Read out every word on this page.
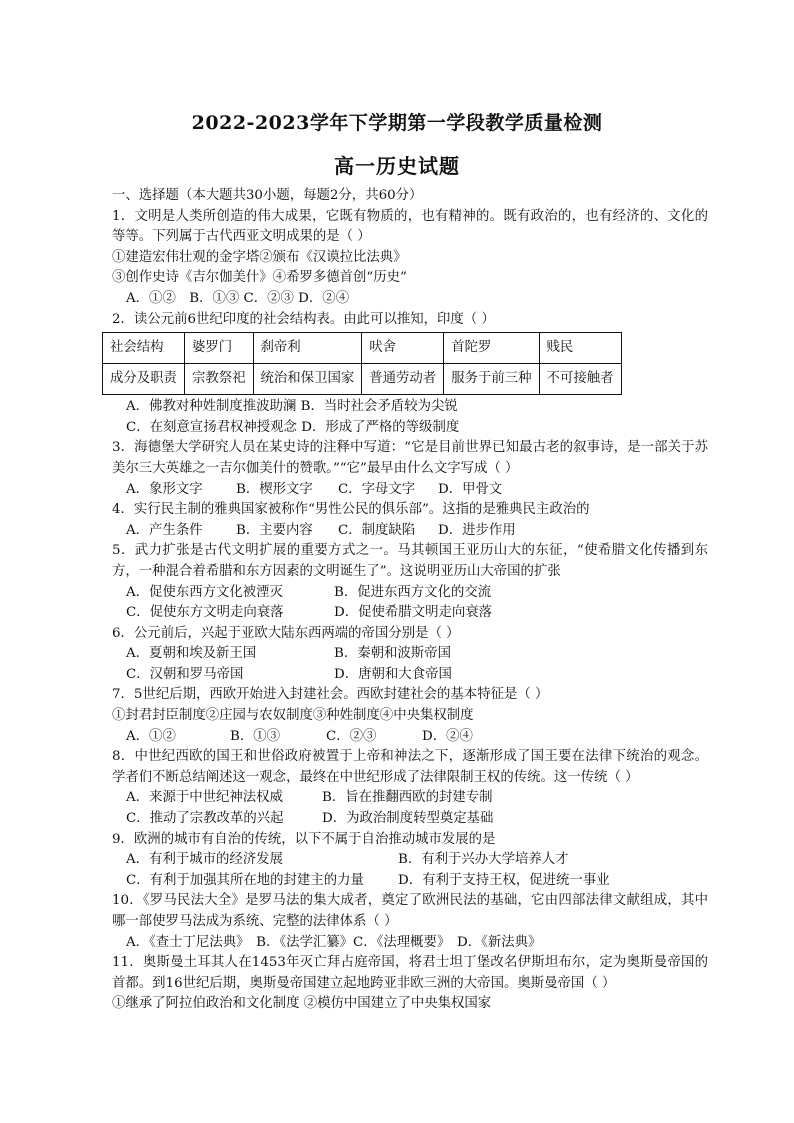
2022-2023学年下学期第一学段教学质量检测
高一历史试题
一、选择题（本大题共30小题，每题2分，共60分）
1．文明是人类所创造的伟大成果，它既有物质的，也有精神的。既有政治的，也有经济的、文化的等等。下列属于古代西亚文明成果的是（ ）
①建造宏伟壮观的金字塔②颁布《汉谟拉比法典》
③创作史诗《吉尔伽美什》④希罗多德首创“历史”
A．①②　B．①③ C．②③ D．②④
2．读公元前6世纪印度的社会结构表。由此可以推知，印度（ ）
社会结构	婆罗门	刹帝利	吠舍	首陀罗	贱民
成分及职责	宗教祭祀	统治和保卫国家	普通劳动者	服务于前三种	不可接触者
A．佛教对种姓制度推波助澜 B．当时社会矛盾较为尖锐
C．在刻意宣扬君权神授观念 D．形成了严格的等级制度
3．海德堡大学研究人员在某史诗的注释中写道：“它是目前世界已知最古老的叙事诗，是一部关于苏美尔三大英雄之一吉尔伽美什的赞歌。”“它”最早由什么文字写成（ ）
A．象形文字	B．楔形文字	C．字母文字	D．甲骨文
4．实行民主制的雅典国家被称作“男性公民的俱乐部”。这指的是雅典民主政治的
A．产生条件	B．主要内容	C．制度缺陷	D．进步作用
5．武力扩张是古代文明扩展的重要方式之一。马其顿国王亚历山大的东征，“使希腊文化传播到东方，一种混合着希腊和东方因素的文明诞生了”。这说明亚历山大帝国的扩张
A．促使东西方文化被湮灭	B．促进东西方文化的交流
C．促使东方文明走向衰落	D．促使希腊文明走向衰落
6．公元前后，兴起于亚欧大陆东西两端的帝国分别是（ ）
A．夏朝和埃及新王国	B．秦朝和波斯帝国
C．汉朝和罗马帝国	D．唐朝和大食帝国
7．5世纪后期，西欧开始进入封建社会。西欧封建社会的基本特征是（ ）
①封君封臣制度②庄园与农奴制度③种姓制度④中央集权制度
A．①②	B．①③	C．②③	D．②④
8．中世纪西欧的国王和世俗政府被置于上帝和神法之下，逐渐形成了国王要在法律下统治的观念。学者们不断总结阐述这一观念，最终在中世纪形成了法律限制王权的传统。这一传统（ ）
A．来源于中世纪神法权威	B．旨在推翻西欧的封建专制
C．推动了宗教改革的兴起	D．为政治制度转型奠定基础
9．欧洲的城市有自治的传统，以下不属于自治推动城市发展的是
A．有利于城市的经济发展	B．有利于兴办大学培养人才
C．有利于加强其所在地的封建主的力量	D．有利于支持王权，促进统一事业
10．《罗马民法大全》是罗马法的集大成者，奠定了欧洲民法的基础，它由四部法律文献组成，其中哪一部使罗马法成为系统、完整的法律体系（ ）
A．《查士丁尼法典》　B．《法学汇纂》C．《法理概要》　D．《新法典》
11．奥斯曼土耳其人在1453年灭亡拜占庭帝国，将君士坦丁堡改名伊斯坦布尔，定为奥斯曼帝国的首都。到16世纪后期，奥斯曼帝国建立起地跨亚非欧三洲的大帝国。奥斯曼帝国（ ）
①继承了阿拉伯政治和文化制度 ②模仿中国建立了中央集权国家
